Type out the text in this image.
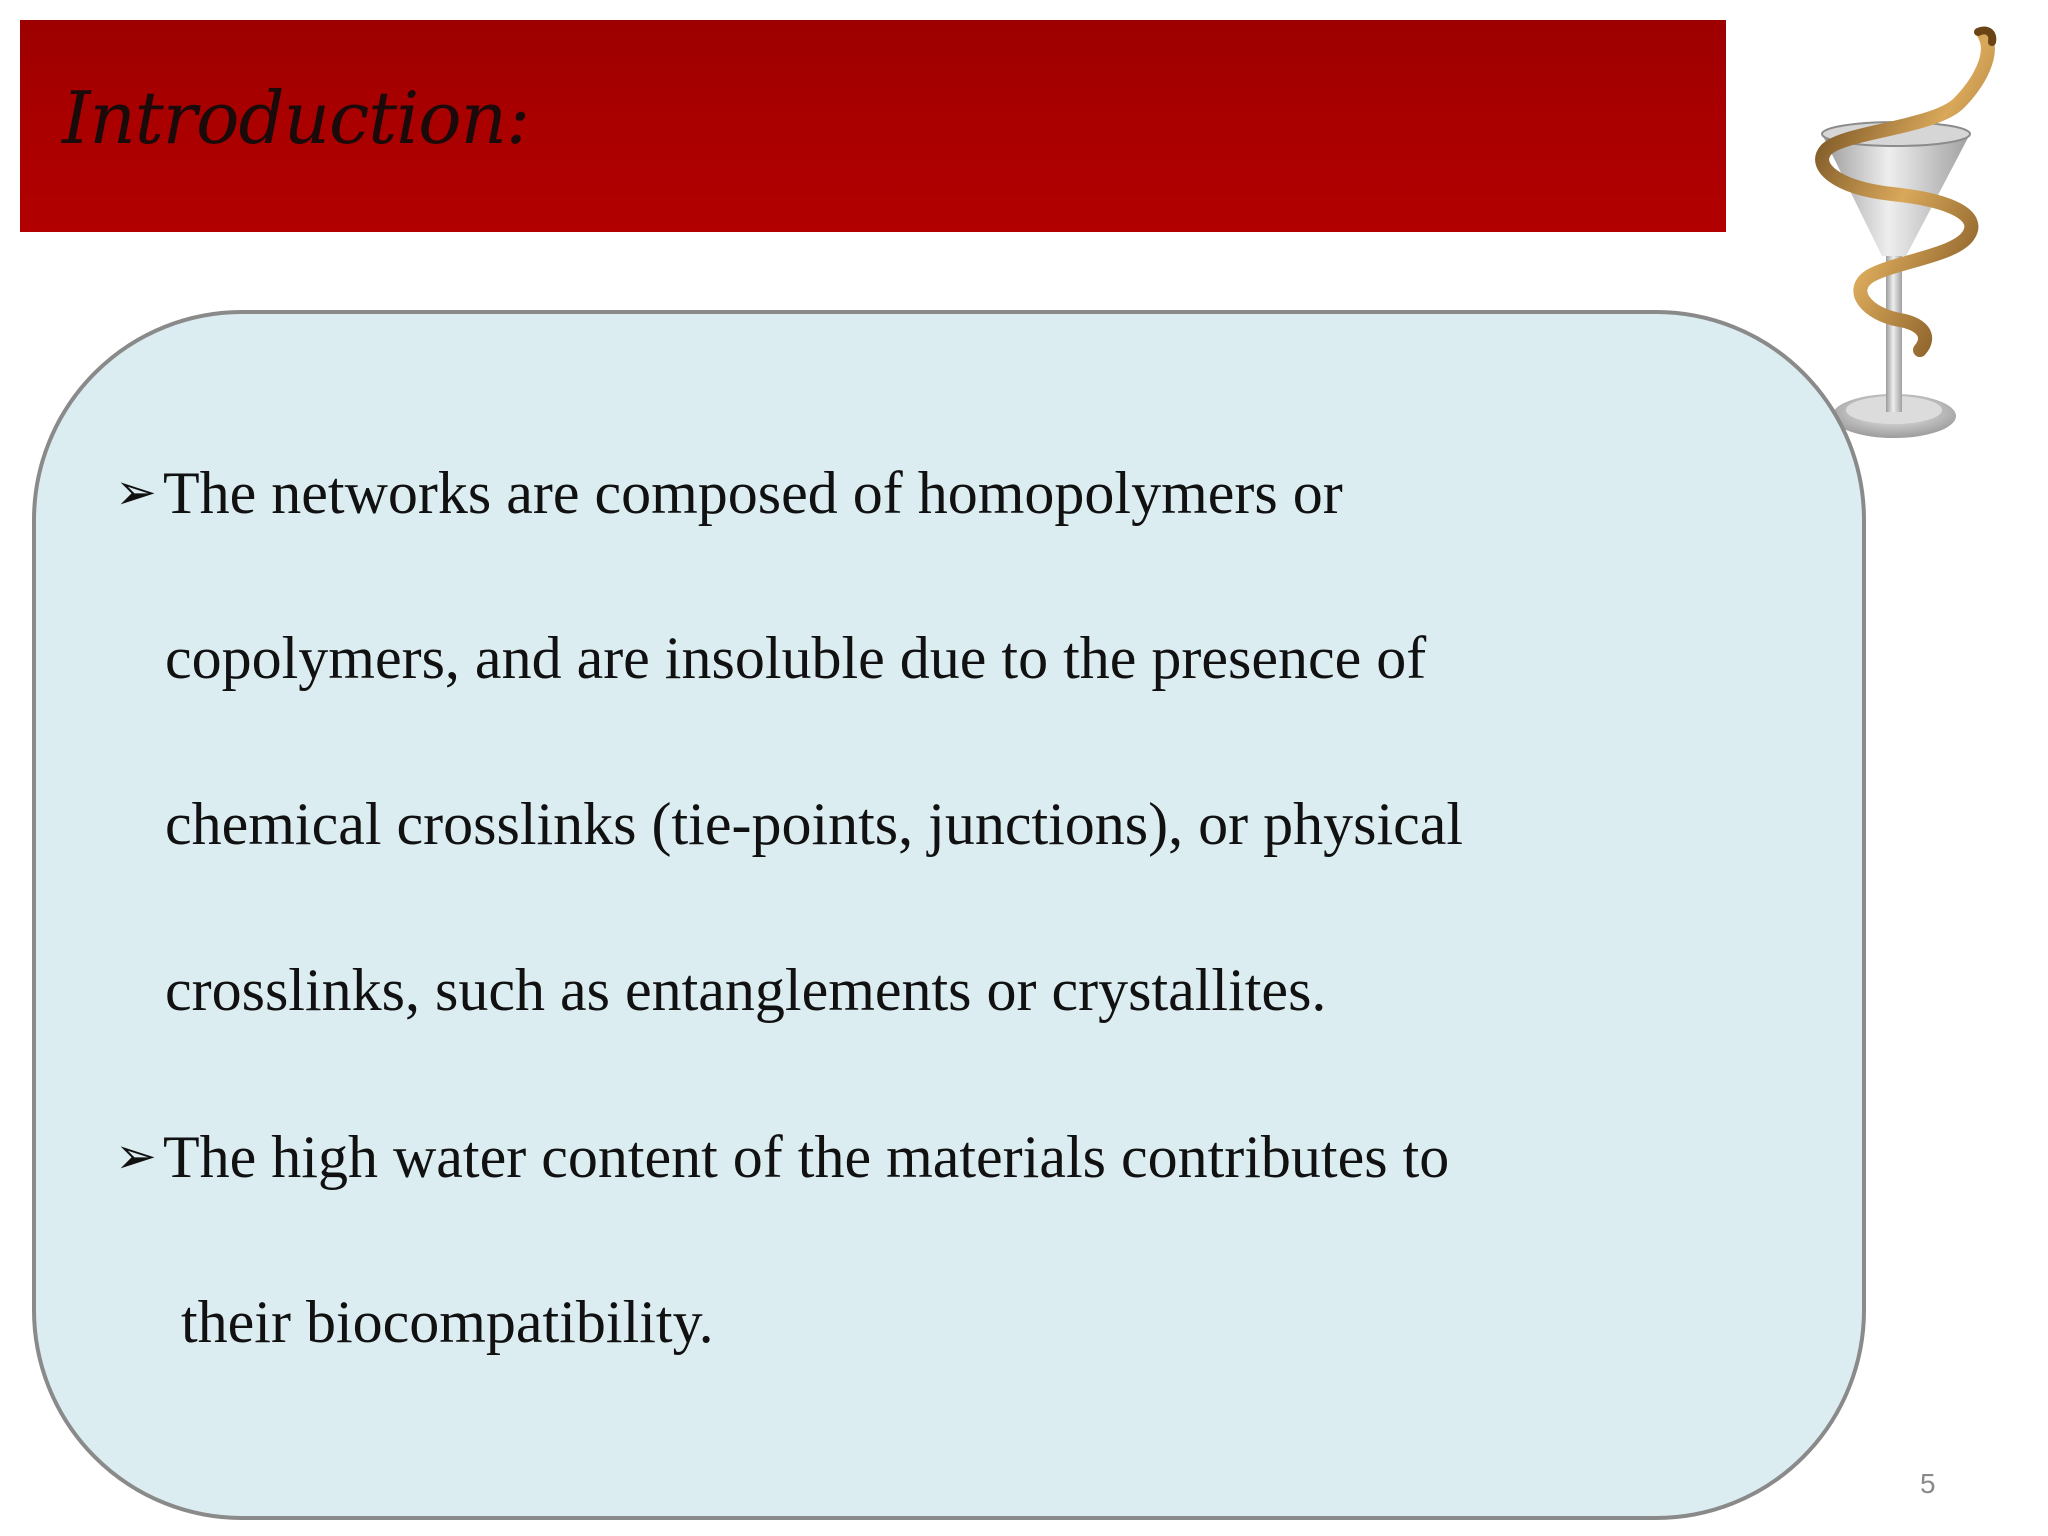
Introduction:
➢ The networks are composed of homopolymers or
copolymers, and are insoluble due to the presence of
chemical crosslinks (tie-points, junctions), or physical
crosslinks, such as entanglements or crystallites.
➢ The high water content of the materials contributes to
their biocompatibility.
5
